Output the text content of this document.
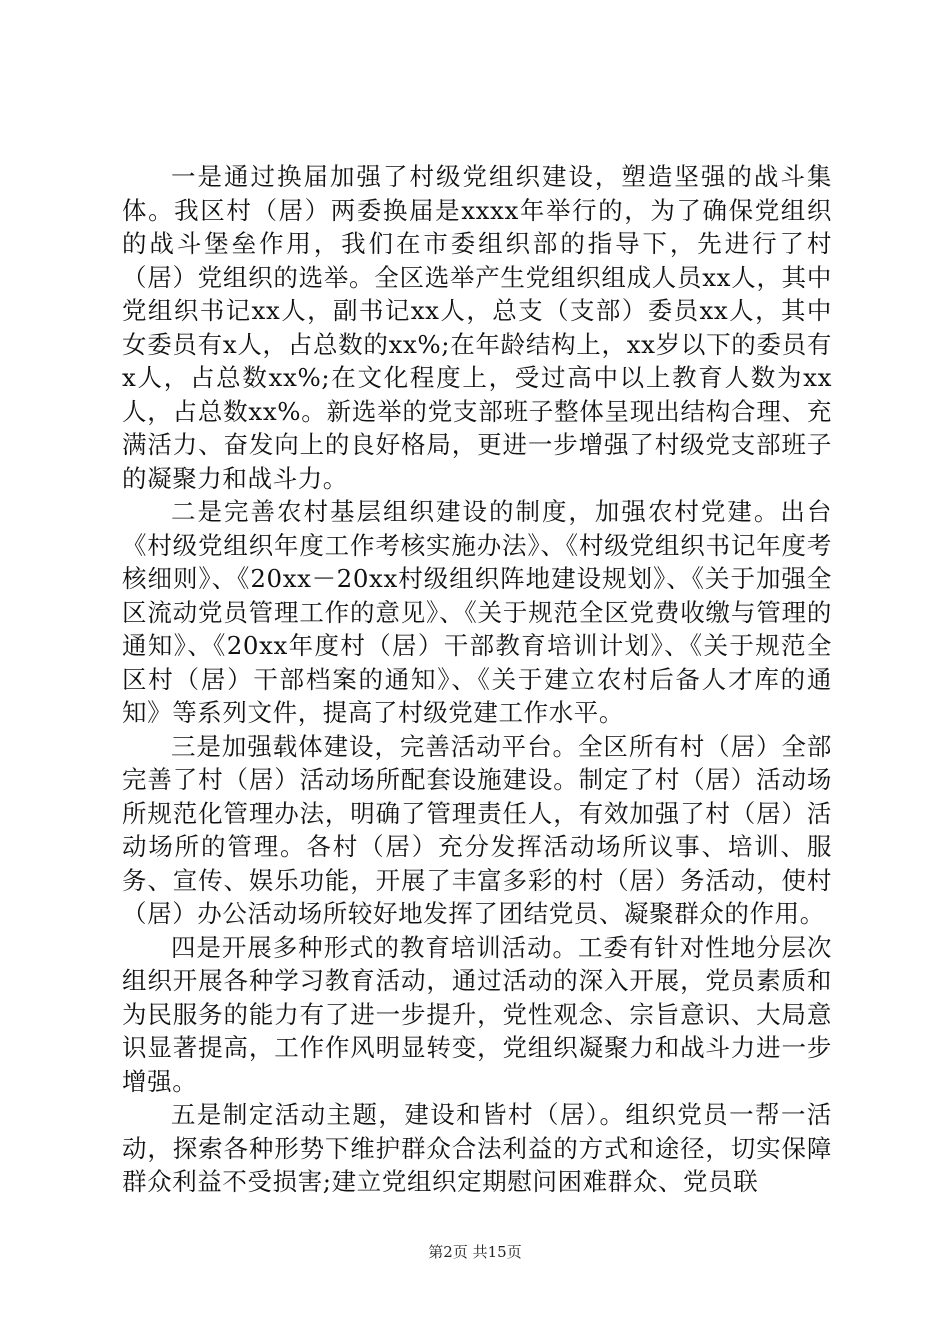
一是通过换届加强了村级党组织建设，塑造坚强的战斗集体。我区村（居）两委换届是xxxx年举行的，为了确保党组织的战斗堡垒作用，我们在市委组织部的指导下，先进行了村（居）党组织的选举。全区选举产生党组织组成人员xx人，其中党组织书记xx人，副书记xx人，总支（支部）委员xx人，其中女委员有x人，占总数的xx%;在年龄结构上，xx岁以下的委员有x人，占总数xx%;在文化程度上，受过高中以上教育人数为xx人，占总数xx%。新选举的党支部班子整体呈现出结构合理、充满活力、奋发向上的良好格局，更进一步增强了村级党支部班子的凝聚力和战斗力。

二是完善农村基层组织建设的制度，加强农村党建。出台《村级党组织年度工作考核实施办法》、《村级党组织书记年度考核细则》、《20xx－20xx村级组织阵地建设规划》、《关于加强全区流动党员管理工作的意见》、《关于规范全区党费收缴与管理的通知》、《20xx年度村（居）干部教育培训计划》、《关于规范全区村（居）干部档案的通知》、《关于建立农村后备人才库的通知》等系列文件，提高了村级党建工作水平。

三是加强载体建设，完善活动平台。全区所有村（居）全部完善了村（居）活动场所配套设施建设。制定了村（居）活动场所规范化管理办法，明确了管理责任人，有效加强了村（居）活动场所的管理。各村（居）充分发挥活动场所议事、培训、服务、宣传、娱乐功能，开展了丰富多彩的村（居）务活动，使村（居）办公活动场所较好地发挥了团结党员、凝聚群众的作用。

四是开展多种形式的教育培训活动。工委有针对性地分层次组织开展各种学习教育活动，通过活动的深入开展，党员素质和为民服务的能力有了进一步提升，党性观念、宗旨意识、大局意识显著提高，工作作风明显转变，党组织凝聚力和战斗力进一步增强。

五是制定活动主题，建设和皆村（居）。组织党员一帮一活动，探索各种形势下维护群众合法利益的方式和途径，切实保障群众利益不受损害;建立党组织定期慰问困难群众、党员联

第2页 共15页
